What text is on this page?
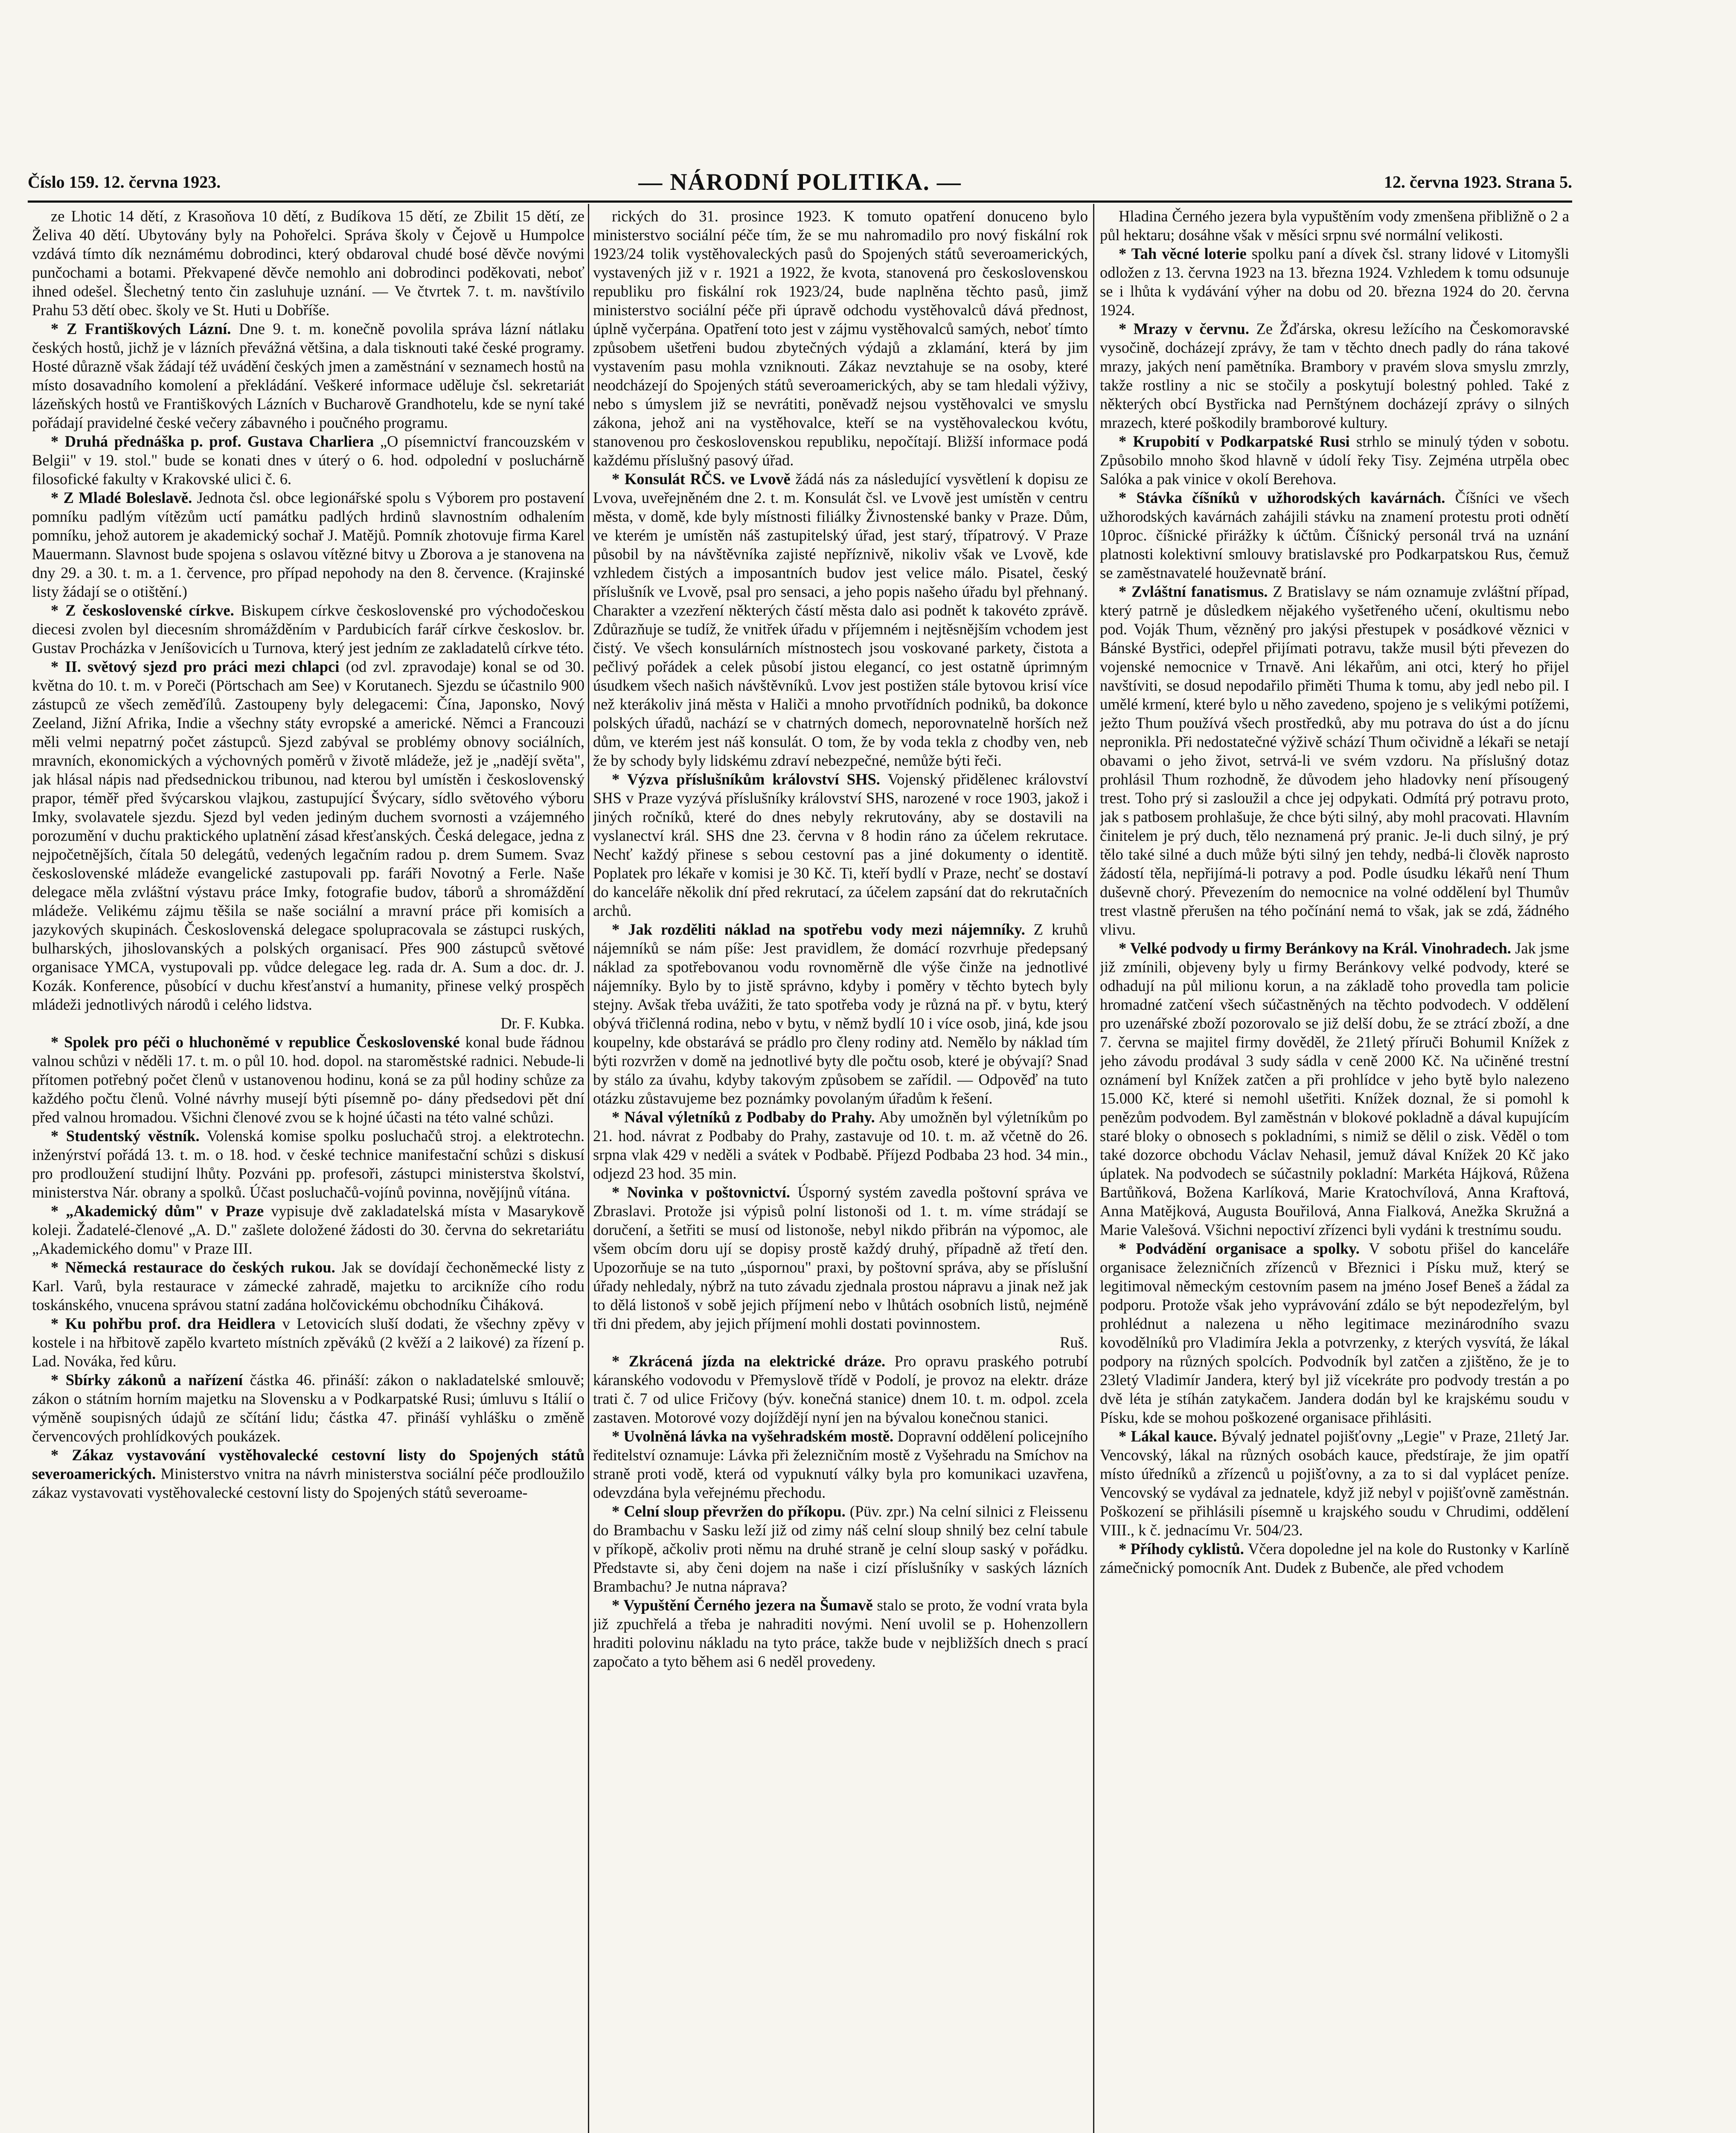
Číslo 159. 12. června 1923.	— NÁRODNÍ POLITIKA. —	12. června 1923. Strana 5.

ze Lhotic 14 dětí, z Krasoňova 10 dětí, z Budíkova 15 dětí, ze Zbilit 15 dětí, ze Želiva 40 dětí. Ubytovány byly na Pohořelci. Správa školy v Čejově u Humpolce vzdává tímto dík neznámému dobrodinci, který obdaroval chudé bosé děvče novými punčochami a botami. Překvapené děvče nemohlo ani dobrodinci poděkovati, neboť ihned odešel. Šlechetný tento čin zasluhuje uznání. — Ve čtvrtek 7. t. m. navštívilo Prahu 53 dětí obec. školy ve St. Huti u Dobříše.

* Z Františkových Lázní. Dne 9. t. m. konečně povolila správa lázní nátlaku českých hostů, jichž je v lázních převážná většina, a dala tisknouti také české programy. Hosté důrazně však žádají též uvádění českých jmen a zaměstnání v seznamech hostů na místo dosavadního komolení a překládání. Veškeré informace uděluje čsl. sekretariát lázeňských hostů ve Františkových Lázních v Bucharově Grandhotelu, kde se nyní také pořádají pravidelné české večery zábavného i poučného programu.

* Druhá přednáška p. prof. Gustava Charliera „O písemnictví francouzském v Belgii" v 19. stol." bude se konati dnes v úterý o 6. hod. odpolední v posluchárně filosofické fakulty v Krakovské ulici č. 6.

* Z Mladé Boleslavě. Jednota čsl. obce legionářské spolu s Výborem pro postavení pomníku padlým vítězům uctí památku padlých hrdinů slavnostním odhalením pomníku, jehož autorem je akademický sochař J. Matějů. Pomník zhotovuje firma Karel Mauermann. Slavnost bude spojena s oslavou vítězné bitvy u Zborova a je stanovena na dny 29. a 30. t. m. a 1. července, pro případ nepohody na den 8. července. (Krajinské listy žádají se o otištění.)

* Z československé církve. Biskupem církve československé pro východočeskou diecesi zvolen byl diecesním shromážděním v Pardubicích farář církve českoslov. br. Gustav Procházka v Jeníšovicích u Turnova, který jest jedním ze zakladatelů církve této.

* II. světový sjezd pro práci mezi chlapci (od zvl. zpravodaje) konal se od 30. května do 10. t. m. v Poreči (Pörtschach am See) v Korutanech. Sjezdu se účastnilo 900 zástupců ze všech zeměďílů. Zastoupeny byly delegacemi: Čína, Japonsko, Nový Zeeland, Jižní Afrika, Indie a všechny státy evropské a americké. Němci a Francouzi měli velmi nepatrný počet zástupců. Sjezd zabýval se problémy obnovy sociálních, mravních, ekonomických a výchovných poměrů v životě mládeže, jež je „nadějí světa", jak hlásal nápis nad předsednickou tribunou, nad kterou byl umístěn i československý prapor, téměř před švýcarskou vlajkou, zastupující Švýcary, sídlo světového výboru Imky, svolavatele sjezdu. Sjezd byl veden jediným duchem svornosti a vzájemného porozumění v duchu praktického uplatnění zásad křesťanských. Česká delegace, jedna z nejpočetnějších, čítala 50 delegátů, vedených legačním radou p. drem Sumem. Svaz československé mládeže evangelické zastupovali pp. faráři Novotný a Ferle. Naše delegace měla zvláštní výstavu práce Imky, fotografie budov, táborů a shromáždění mládeže. Velikému zájmu těšila se naše sociální a mravní práce při komisích a jazykových skupinách. Československá delegace spolupracovala se zástupci ruských, bulharských, jihoslovanských a polských organisací. Přes 900 zástupců světové organisace YMCA, vystupovali pp. vůdce delegace leg. rada dr. A. Sum a doc. dr. J. Kozák. Konference, působící v duchu křesťanství a humanity, přinese velký prospěch mládeži jednotlivých národů i celého lidstva.

Dr. F. Kubka.

* Spolek pro péči o hluchoněmé v republice Československé konal bude řádnou valnou schůzi v něděli 17. t. m. o půl 10. hod. dopol. na staroměstské radnici. Nebude-li přítomen potřebný počet členů v ustanovenou hodinu, koná se za půl hodiny schůze za každého počtu členů. Volné návrhy musejí býti písemně po- dány předsedovi pět dní před valnou hromadou. Všichni členové zvou se k hojné účasti na této valné schůzi.

* Studentský věstník. Volenská komise spolku posluchačů stroj. a elektrotechn. inženýrství pořádá 13. t. m. o 18. hod. v české technice manifestační schůzi s diskusí pro prodloužení studijní lhůty. Pozváni pp. profesoři, zástupci ministerstva školství, ministerstva Nár. obrany a spolků. Účast posluchačů-vojínů povinna, novějíjnů vítána.

* „Akademický dům" v Praze vypisuje dvě zakladatelská místa v Masarykově koleji. Žadatelé-členové „A. D." zašlete doložené žádosti do 30. června do sekretariátu „Akademického domu" v Praze III.

* Německá restaurace do českých rukou. Jak se dovídají čechoněmecké listy z Karl. Varů, byla restaurace v zámecké zahradě, majetku to arcikníže cího rodu toskánského, vnucena správou statní zadána holčovickému obchodníku Čiháková.

* Ku pohřbu prof. dra Heidlera v Letovicích sluší dodati, že všechny zpěvy v kostele i na hřbitově zapělo kvarteto místních zpěváků (2 kvěží a 2 laikové) za řízení p. Lad. Nováka, řed kůru.

* Sbírky zákonů a nařízení částka 46. přináší: zákon o nakladatelské smlouvě; zákon o státním horním majetku na Slovensku a v Podkarpatské Rusi; úmluvu s Itálií o výměně soupisných údajů ze sčítání lidu; částka 47. přináší vyhlášku o změně červencových prohlídkových poukázek.

* Zákaz vystavování vystěhovalecké cestovní listy do Spojených států severoamerických. Ministerstvo vnitra na návrh ministerstva sociální péče prodloužilo zákaz vystavovati vystěhovalecké cestovní listy do Spojených států severoame-

rických do 31. prosince 1923. K tomuto opatření donuceno bylo ministerstvo sociální péče tím, že se mu nahromadilo pro nový fiskální rok 1923/24 tolik vystěhovaleckých pasů do Spojených států severoamerických, vystavených již v r. 1921 a 1922, že kvota, stanovená pro československou republiku pro fiskální rok 1923/24, bude naplněna těchto pasů, jimž ministerstvo sociální péče při úpravě odchodu vystěhovalců dává přednost, úplně vyčerpána. Opatření toto jest v zájmu vystěhovalců samých, neboť tímto způsobem ušetřeni budou zbytečných výdajů a zklamání, která by jim vystavením pasu mohla vzniknouti. Zákaz nevztahuje se na osoby, které neodcházejí do Spojených států severoamerických, aby se tam hledali výživy, nebo s úmyslem již se nevrátiti, poněvadž nejsou vystěhovalci ve smyslu zákona, jehož ani na vystěhovalce, kteří se na vystěhovaleckou kvótu, stanovenou pro československou republiku, nepočítají. Bližší informace podá každému příslušný pasový úřad.

* Konsulát RČS. ve Lvově žádá nás za následující vysvětlení k dopisu ze Lvova, uveřejněném dne 2. t. m. Konsulát čsl. ve Lvově jest umístěn v centru města, v domě, kde byly místnosti filiálky Živnostenské banky v Praze. Dům, ve kterém je umístěn náš zastupitelský úřad, jest starý, třípatrový. V Praze působil by na návštěvníka zajisté nepříznivě, nikoliv však ve Lvově, kde vzhledem čistých a imposantních budov jest velice málo. Pisatel, český příslušník ve Lvově, psal pro sensaci, a jeho popis našeho úřadu byl přehnaný. Charakter a vzezření některých částí města dalo asi podnět k takovéto zprávě. Zdůrazňuje se tudíž, že vnitřek úřadu v příjemném i nejtěsnějším vchodem jest čistý. Ve všech konsulárních místnostech jsou voskované parkety, čistota a pečlivý pořádek a celek působí jistou elegancí, co jest ostatně úprimným úsudkem všech našich návštěvníků. Lvov jest postižen stále bytovou krisí více než kterákoliv jiná města v Haliči a mnoho prvotřídních podniků, ba dokonce polských úřadů, nachází se v chatrných domech, neporovnatelně horších než dům, ve kterém jest náš konsulát. O tom, že by voda tekla z chodby ven, neb že by schody byly lidskému zdraví nebezpečné, nemůže býti řeči.

* Výzva příslušníkům království SHS. Vojenský přidělenec království SHS v Praze vyzývá příslušníky království SHS, narozené v roce 1903, jakož i jiných ročníků, které do dnes nebyly rekrutovány, aby se dostavili na vyslanectví král. SHS dne 23. června v 8 hodin ráno za účelem rekrutace. Nechť každý přinese s sebou cestovní pas a jiné dokumenty o identitě. Poplatek pro lékaře v komisi je 30 Kč. Ti, kteří bydlí v Praze, nechť se dostaví do kanceláře několik dní před rekrutací, za účelem zapsání dat do rekrutačních archů.

* Jak rozděliti náklad na spotřebu vody mezi nájemníky. Z kruhů nájemníků se nám píše: Jest pravidlem, že domácí rozvrhuje předepsaný náklad za spotřebovanou vodu rovnoměrně dle výše činže na jednotlivé nájemníky. Bylo by to jistě správno, kdyby i poměry v těchto bytech byly stejny. Avšak třeba uvážiti, že tato spotřeba vody je různá na př. v bytu, který obývá třičlenná rodina, nebo v bytu, v němž bydlí 10 i více osob, jiná, kde jsou koupelny, kde obstarává se prádlo pro členy rodiny atd. Nemělo by náklad tím býti rozvržen v domě na jednotlivé byty dle počtu osob, které je obývají? Snad by stálo za úvahu, kdyby takovým způsobem se zařídil. — Odpověď na tuto otázku zůstavujeme bez poznámky povolaným úřadům k řešení.

* Nával výletníků z Podbaby do Prahy. Aby umožněn byl výletníkům po 21. hod. návrat z Podbaby do Prahy, zastavuje od 10. t. m. až včetně do 26. srpna vlak 429 v neděli a svátek v Podbabě. Příjezd Podbaba 23 hod. 34 min., odjezd 23 hod. 35 min.

* Novinka v poštovnictví. Úsporný systém zavedla poštovní správa ve Zbraslavi. Protože jsi výpisů polní listonoši od 1. t. m. víme strádají se doručení, a šetřiti se musí od listonoše, nebyl nikdo přibrán na výpomoc, ale všem obcím doru ují se dopisy prostě každý druhý, případně až třetí den. Upozorňuje se na tuto „úspornou" praxi, by poštovní správa, aby se příslušní úřady nehledaly, nýbrž na tuto závadu zjednala prostou nápravu a jinak než jak to dělá listonoš v sobě jejich příjmení nebo v lhůtách osobních listů, nejméně tři dni předem, aby jejich příjmení mohli dostati povinnostem.

Ruš.

* Zkrácená jízda na elektrické dráze. Pro opravu praského potrubí káranského vodovodu v Přemyslově třídě v Podolí, je provoz na elektr. dráze trati č. 7 od ulice Fričovy (býv. konečná stanice) dnem 10. t. m. odpol. zcela zastaven. Motorové vozy dojíždějí nyní jen na bývalou konečnou stanici.

* Uvolněná lávka na vyšehradském mostě. Dopravní oddělení policejního ředitelství oznamuje: Lávka při železničním mostě z Vyšehradu na Smíchov na straně proti vodě, která od vypuknutí války byla pro komunikaci uzavřena, odevzdána byla veřejnému přechodu.

* Celní sloup převržen do příkopu. (Püv. zpr.) Na celní silnici z Fleissenu do Brambachu v Sasku leží již od zimy náš celní sloup shnilý bez celní tabule v příkopě, ačkoliv proti němu na druhé straně je celní sloup saský v pořádku. Představte si, aby čeni dojem na naše i cizí příslušníky v saských lázních Brambachu? Je nutna náprava?

* Vypuštění Černého jezera na Šumavě stalo se proto, že vodní vrata byla již zpuchřelá a třeba je nahraditi novými. Není uvolil se p. Hohenzollern hraditi polovinu nákladu na tyto práce, takže bude v nejbližších dnech s prací započato a tyto během asi 6 neděl provedeny.

Hladina Černého jezera byla vypuštěním vody zmenšena přibližně o 2 a půl hektaru; dosáhne však v měsíci srpnu své normální velikosti.

* Tah věcné loterie spolku paní a dívek čsl. strany lidové v Litomyšli odložen z 13. června 1923 na 13. března 1924. Vzhledem k tomu odsunuje se i lhůta k vydávání výher na dobu od 20. března 1924 do 20. června 1924.

* Mrazy v červnu. Ze Žďárska, okresu ležícího na Českomoravské vysočině, docházejí zprávy, že tam v těchto dnech padly do rána takové mrazy, jakých není pamětníka. Brambory v pravém slova smyslu zmrzly, takže rostliny a nic se stočily a poskytují bolestný pohled. Také z některých obcí Bystřicka nad Pernštýnem docházejí zprávy o silných mrazech, které poškodily bramborové kultury.

* Krupobití v Podkarpatské Rusi strhlo se minulý týden v sobotu. Způsobilo mnoho škod hlavně v údolí řeky Tisy. Zejména utrpěla obec Salóka a pak vinice v okolí Berehova.

* Stávka číšníků v užhorodských kavárnách. Číšníci ve všech užhorodských kavárnách zahájili stávku na znamení protestu proti odnětí 10proc. číšnické přirážky k účtům. Číšnický personál trvá na uznání platnosti kolektivní smlouvy bratislavské pro Podkarpatskou Rus, čemuž se zaměstnavatelé houževnatě brání.

* Zvláštní fanatismus. Z Bratislavy se nám oznamuje zvláštní případ, který patrně je důsledkem nějakého vyšetřeného učení, okultismu nebo pod. Voják Thum, vězněný pro jakýsi přestupek v posádkové věznici v Bánské Bystřici, odepřel přijímati potravu, takže musil býti převezen do vojenské nemocnice v Trnavě. Ani lékařům, ani otci, který ho přijel navštíviti, se dosud nepodařilo přiměti Thuma k tomu, aby jedl nebo pil. I umělé krmení, které bylo u něho zavedeno, spojeno je s velikými potížemi, ježto Thum používá všech prostředků, aby mu potrava do úst a do jícnu nepronikla. Při nedostatečné výživě schází Thum očividně a lékaři se netají obavami o jeho život, setrvá-li ve svém vzdoru. Na příslušný dotaz prohlásil Thum rozhodně, že důvodem jeho hladovky není přísougený trest. Toho prý si zasloužil a chce jej odpykati. Odmítá prý potravu proto, jak s patbosem prohlašuje, že chce býti silný, aby mohl pracovati. Hlavním činitelem je prý duch, tělo neznamená prý pranic. Je-li duch silný, je prý tělo také silné a duch může býti silný jen tehdy, nedbá-li člověk naprosto žádostí těla, nepřijímá-li potravy a pod. Podle úsudku lékařů není Thum duševně chorý. Převezením do nemocnice na volné oddělení byl Thumův trest vlastně přerušen na tého počínání nemá to však, jak se zdá, žádného vlivu.

* Velké podvody u firmy Beránkovy na Král. Vinohradech. Jak jsme již zmínili, objeveny byly u firmy Beránkovy velké podvody, které se odhadují na půl milionu korun, a na základě toho provedla tam policie hromadné zatčení všech súčastněných na těchto podvodech. V oddělení pro uzenářské zboží pozorovalo se již delší dobu, že se ztrácí zboží, a dne 7. června se majitel firmy dověděl, že 21letý příruči Bohumil Knížek z jeho závodu prodával 3 sudy sádla v ceně 2000 Kč. Na učiněné trestní oznámení byl Knížek zatčen a při prohlídce v jeho bytě bylo nalezeno 15.000 Kč, které si nemohl ušetřiti. Knížek doznal, že si pomohl k penězům podvodem. Byl zaměstnán v blokové pokladně a dával kupujícím staré bloky o obnosech s pokladními, s nimiž se dělil o zisk. Věděl o tom také dozorce obchodu Václav Nehasil, jemuž dával Knížek 20 Kč jako úplatek. Na podvodech se súčastnily pokladní: Markéta Hájková, Růžena Bartůňková, Božena Karlíková, Marie Kratochvílová, Anna Kraftová, Anna Matějková, Augusta Bouřilová, Anna Fialková, Anežka Skružná a Marie Valešová. Všichni nepoctiví zřízenci byli vydáni k trestnímu soudu.

* Podvádění organisace a spolky. V sobotu přišel do kanceláře organisace železničních zřízenců v Březnici i Písku muž, který se legitimoval německým cestovním pasem na jméno Josef Beneš a žádal za podporu. Protože však jeho vyprávování zdálo se být nepodezřelým, byl prohlédnut a nalezena u něho legitimace mezinárodního svazu kovodělníků pro Vladimíra Jekla a potvrzenky, z kterých vysvítá, že lákal podpory na různých spolcích. Podvodník byl zatčen a zjištěno, že je to 23letý Vladimír Jandera, který byl již vícekráte pro podvody trestán a po dvě léta je stíhán zatykačem. Jandera dodán byl ke krajskému soudu v Písku, kde se mohou poškozené organisace přihlásiti.

* Lákal kauce. Bývalý jednatel pojišťovny „Legie" v Praze, 21letý Jar. Vencovský, lákal na různých osobách kauce, předstíraje, že jim opatří místo úředníků a zřízenců u pojišťovny, a za to si dal vyplácet peníze. Vencovský se vydával za jednatele, když již nebyl v pojišťovně zaměstnán. Poškození se přihlásili písemně u krajského soudu v Chrudimi, oddělení VIII., k č. jednacímu Vr. 504/23.

* Příhody cyklistů. Včera dopoledne jel na kole do Rustonky v Karlíně zámečnický pomocník Ant. Dudek z Bubenče, ale před vchodem
